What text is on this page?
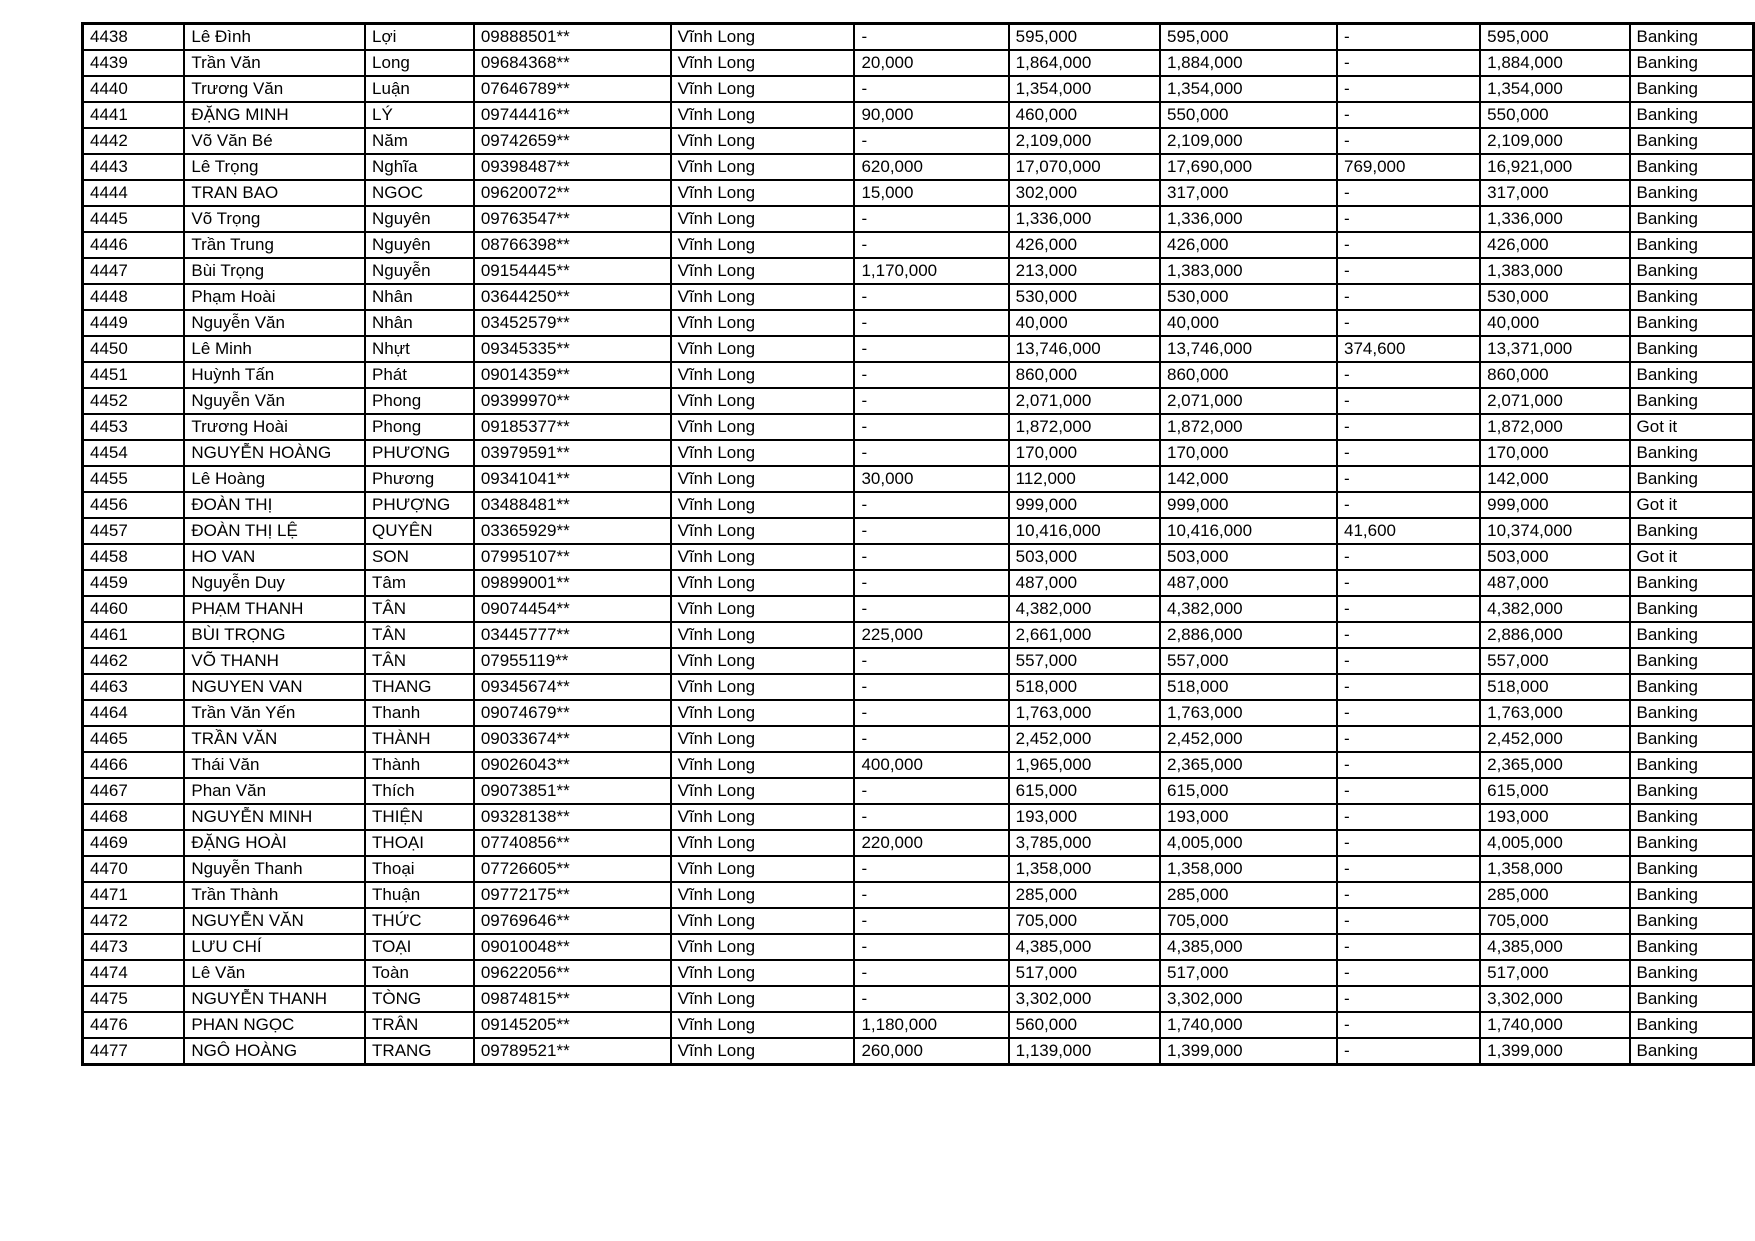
4438	Lê Đình	Lợi	09888501**	Vĩnh Long	-	595,000	595,000	-	595,000	Banking
4439	Trần Văn	Long	09684368**	Vĩnh Long	20,000	1,864,000	1,884,000	-	1,884,000	Banking
4440	Trương Văn	Luận	07646789**	Vĩnh Long	-	1,354,000	1,354,000	-	1,354,000	Banking
4441	ĐẶNG MINH	LÝ	09744416**	Vĩnh Long	90,000	460,000	550,000	-	550,000	Banking
4442	Võ Văn Bé	Năm	09742659**	Vĩnh Long	-	2,109,000	2,109,000	-	2,109,000	Banking
4443	Lê Trọng	Nghĩa	09398487**	Vĩnh Long	620,000	17,070,000	17,690,000	769,000	16,921,000	Banking
4444	TRAN BAO	NGOC	09620072**	Vĩnh Long	15,000	302,000	317,000	-	317,000	Banking
4445	Võ Trọng	Nguyên	09763547**	Vĩnh Long	-	1,336,000	1,336,000	-	1,336,000	Banking
4446	Trần Trung	Nguyên	08766398**	Vĩnh Long	-	426,000	426,000	-	426,000	Banking
4447	Bùi Trọng	Nguyễn	09154445**	Vĩnh Long	1,170,000	213,000	1,383,000	-	1,383,000	Banking
4448	Phạm Hoài	Nhân	03644250**	Vĩnh Long	-	530,000	530,000	-	530,000	Banking
4449	Nguyễn Văn	Nhân	03452579**	Vĩnh Long	-	40,000	40,000	-	40,000	Banking
4450	Lê Minh	Nhựt	09345335**	Vĩnh Long	-	13,746,000	13,746,000	374,600	13,371,000	Banking
4451	Huỳnh Tấn	Phát	09014359**	Vĩnh Long	-	860,000	860,000	-	860,000	Banking
4452	Nguyễn Văn	Phong	09399970**	Vĩnh Long	-	2,071,000	2,071,000	-	2,071,000	Banking
4453	Trương Hoài	Phong	09185377**	Vĩnh Long	-	1,872,000	1,872,000	-	1,872,000	Got it
4454	NGUYỄN HOÀNG	PHƯƠNG	03979591**	Vĩnh Long	-	170,000	170,000	-	170,000	Banking
4455	Lê Hoàng	Phương	09341041**	Vĩnh Long	30,000	112,000	142,000	-	142,000	Banking
4456	ĐOÀN THỊ	PHƯỢNG	03488481**	Vĩnh Long	-	999,000	999,000	-	999,000	Got it
4457	ĐOÀN THỊ LỆ	QUYÊN	03365929**	Vĩnh Long	-	10,416,000	10,416,000	41,600	10,374,000	Banking
4458	HO VAN	SON	07995107**	Vĩnh Long	-	503,000	503,000	-	503,000	Got it
4459	Nguyễn Duy	Tâm	09899001**	Vĩnh Long	-	487,000	487,000	-	487,000	Banking
4460	PHẠM THANH	TÂN	09074454**	Vĩnh Long	-	4,382,000	4,382,000	-	4,382,000	Banking
4461	BÙI TRỌNG	TÂN	03445777**	Vĩnh Long	225,000	2,661,000	2,886,000	-	2,886,000	Banking
4462	VÕ THANH	TÂN	07955119**	Vĩnh Long	-	557,000	557,000	-	557,000	Banking
4463	NGUYEN VAN	THANG	09345674**	Vĩnh Long	-	518,000	518,000	-	518,000	Banking
4464	Trần Văn Yến	Thanh	09074679**	Vĩnh Long	-	1,763,000	1,763,000	-	1,763,000	Banking
4465	TRẦN VĂN	THÀNH	09033674**	Vĩnh Long	-	2,452,000	2,452,000	-	2,452,000	Banking
4466	Thái Văn	Thành	09026043**	Vĩnh Long	400,000	1,965,000	2,365,000	-	2,365,000	Banking
4467	Phan Văn	Thích	09073851**	Vĩnh Long	-	615,000	615,000	-	615,000	Banking
4468	NGUYỄN MINH	THIỆN	09328138**	Vĩnh Long	-	193,000	193,000	-	193,000	Banking
4469	ĐẶNG HOÀI	THOẠI	07740856**	Vĩnh Long	220,000	3,785,000	4,005,000	-	4,005,000	Banking
4470	Nguyễn Thanh	Thoại	07726605**	Vĩnh Long	-	1,358,000	1,358,000	-	1,358,000	Banking
4471	Trần Thành	Thuận	09772175**	Vĩnh Long	-	285,000	285,000	-	285,000	Banking
4472	NGUYỄN VĂN	THỨC	09769646**	Vĩnh Long	-	705,000	705,000	-	705,000	Banking
4473	LƯU CHÍ	TOẠI	09010048**	Vĩnh Long	-	4,385,000	4,385,000	-	4,385,000	Banking
4474	Lê Văn	Toàn	09622056**	Vĩnh Long	-	517,000	517,000	-	517,000	Banking
4475	NGUYỄN THANH	TÒNG	09874815**	Vĩnh Long	-	3,302,000	3,302,000	-	3,302,000	Banking
4476	PHAN NGỌC	TRÂN	09145205**	Vĩnh Long	1,180,000	560,000	1,740,000	-	1,740,000	Banking
4477	NGÔ HOÀNG	TRANG	09789521**	Vĩnh Long	260,000	1,139,000	1,399,000	-	1,399,000	Banking
